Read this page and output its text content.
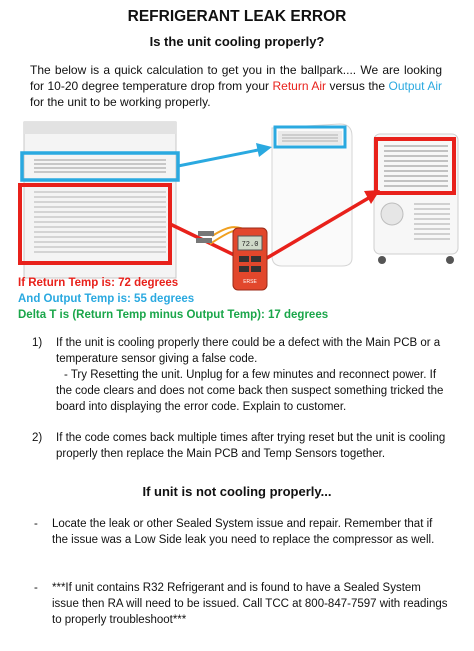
REFRIGERANT LEAK ERROR
Is the unit cooling properly?
The below is a quick calculation to get you in the ballpark.... We are looking for 10-20 degree temperature drop from your Return Air versus the Output Air for the unit to be working properly.
ERSE
72.0
If Return Temp is: 72 degrees
And Output Temp is: 55 degrees
Delta T is (Return Temp minus Output Temp): 17 degrees
1) If the unit is cooling properly there could be a defect with the Main PCB or a temperature sensor giving a false code.
- Try Resetting the unit. Unplug for a few minutes and reconnect power. If the code clears and does not come back then suspect something tricked the board into displaying the error code. Explain to customer.
2) If the code comes back multiple times after trying reset but the unit is cooling properly then replace the Main PCB and Temp Sensors together.
If unit is not cooling properly...
- Locate the leak or other Sealed System issue and repair. Remember that if the issue was a Low Side leak you need to replace the compressor as well.
- ***If unit contains R32 Refrigerant and is found to have a Sealed System issue then RA will need to be issued. Call TCC at 800-847-7597 with readings to properly troubleshoot***
